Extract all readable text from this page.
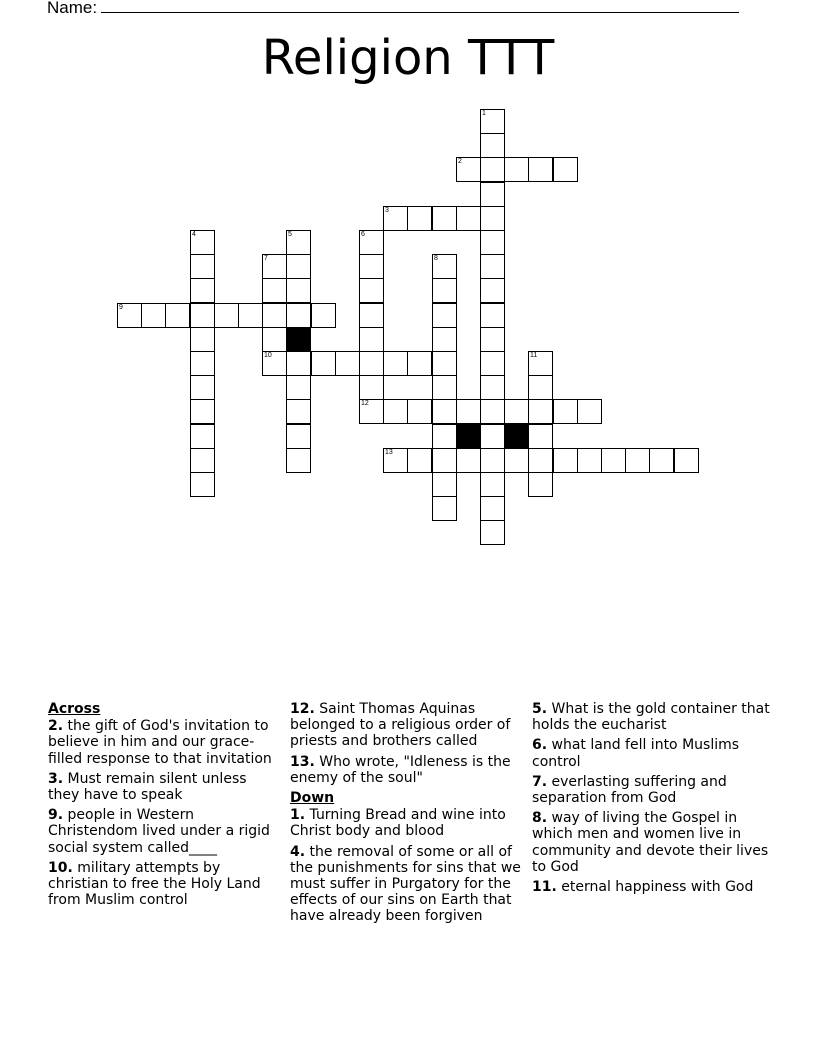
Name:
Religion TTT
1
2
3
4	5	6
7	8
9
10	11
12
13
Across
2. the gift of God's invitation to believe in him and our grace-filled response to that invitation
3. Must remain silent unless they have to speak
9. people in Western Christendom lived under a rigid social system called____
10. military attempts by christian to free the Holy Land from Muslim control
12. Saint Thomas Aquinas belonged to a religious order of priests and brothers called
13. Who wrote, "Idleness is the enemy of the soul"
Down
1. Turning Bread and wine into Christ body and blood
4. the removal of some or all of the punishments for sins that we must suffer in Purgatory for the effects of our sins on Earth that have already been forgiven
5. What is the gold container that holds the eucharist
6. what land fell into Muslims control
7. everlasting suffering and separation from God
8. way of living the Gospel in which men and women live in community and devote their lives to God
11. eternal happiness with God
